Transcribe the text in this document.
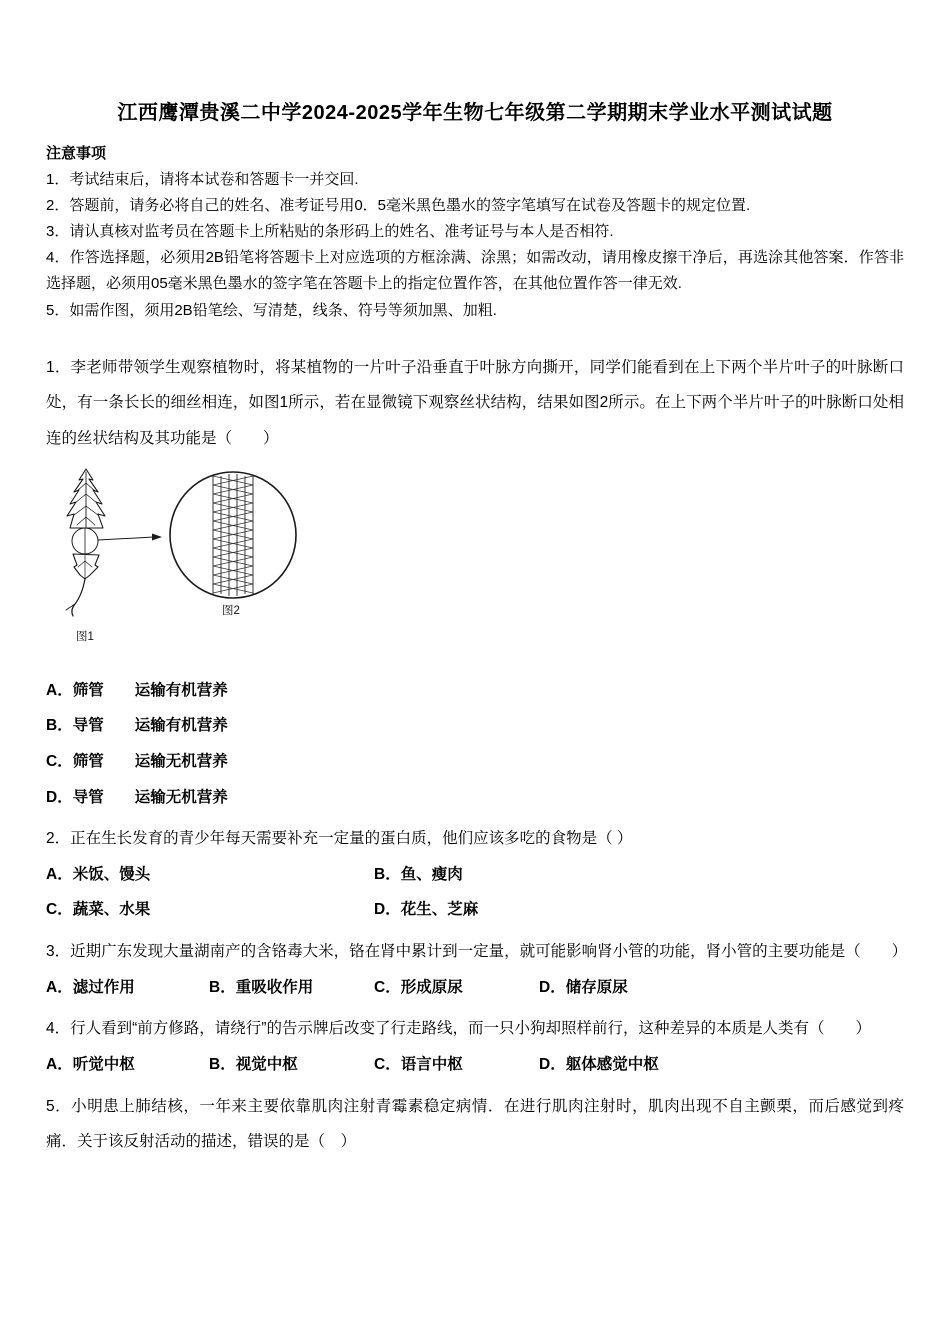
江西鹰潭贵溪二中学2024-2025学年生物七年级第二学期期末学业水平测试试题
注意事项

1．考试结束后，请将本试卷和答题卡一并交回.

2．答题前，请务必将自己的姓名、准考证号用0．5毫米黑色墨水的签字笔填写在试卷及答题卡的规定位置.

3．请认真核对监考员在答题卡上所粘贴的条形码上的姓名、准考证号与本人是否相符.

4．作答选择题，必须用2B铅笔将答题卡上对应选项的方框涂满、涂黑；如需改动，请用橡皮擦干净后，再选涂其他答案．作答非选择题，必须用05毫米黑色墨水的签字笔在答题卡上的指定位置作答，在其他位置作答一律无效.

5．如需作图，须用2B铅笔绘、写清楚，线条、符号等须加黑、加粗.

1．李老师带领学生观察植物时，将某植物的一片叶子沿垂直于叶脉方向撕开，同学们能看到在上下两个半片叶子的叶脉断口处，有一条长长的细丝相连，如图1所示，若在显微镜下观察丝状结构，结果如图2所示。在上下两个半片叶子的叶脉断口处相连的丝状结构及其功能是（　　）

图2
图1

A．筛管　　运输有机营养

B．导管　　运输有机营养

C．筛管　　运输无机营养

D．导管　　运输无机营养

2．正在生长发育的青少年每天需要补充一定量的蛋白质，他们应该多吃的食物是（ ）

A．米饭、馒头	B．鱼、瘦肉

C．蔬菜、水果	D．花生、芝麻

3．近期广东发现大量湖南产的含铬毒大米，铬在肾中累计到一定量，就可能影响肾小管的功能，肾小管的主要功能是（　　）

A．滤过作用	B．重吸收作用	C．形成原尿	D．储存原尿

4．行人看到“前方修路，请绕行”的告示牌后改变了行走路线，而一只小狗却照样前行，这种差异的本质是人类有（　　）

A．听觉中枢	B．视觉中枢	C．语言中枢	D．躯体感觉中枢

5．小明患上肺结核，一年来主要依靠肌肉注射青霉素稳定病情．在进行肌肉注射时，肌肉出现不自主颤栗，而后感觉到疼痛．关于该反射活动的描述，错误的是（　）
